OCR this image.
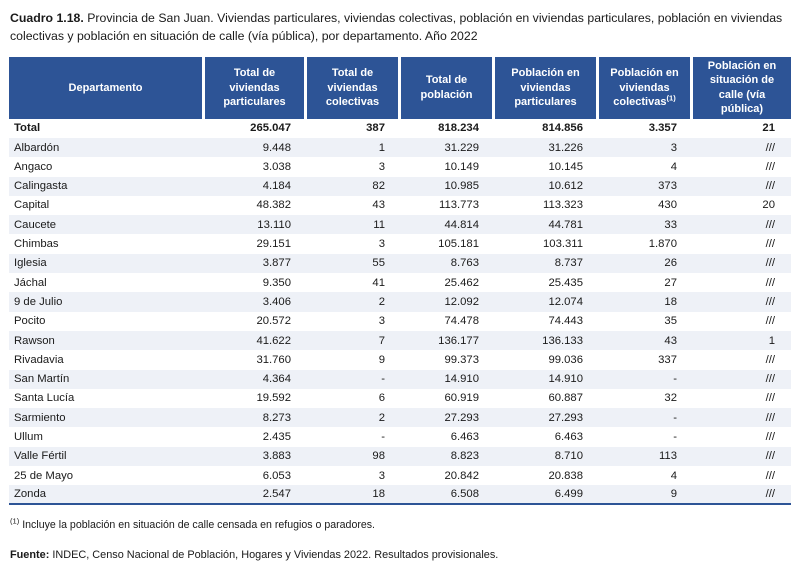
Cuadro 1.18. Provincia de San Juan. Viviendas particulares, viviendas colectivas, población en viviendas particulares, población en viviendas colectivas y población en situación de calle (vía pública), por departamento. Año 2022
Departamento

Total de
viviendas
particulares

Total de
viviendas
colectivas

Total de
población

Población en
viviendas
particulares

Población en
viviendas
colectivas$^{(1)}$

Población en
situación de
calle (vía
pública)

Total	265.047	387	818.234	814.856	3.357	21
Albardón	9.448	1	31.229	31.226	3	///
Angaco	3.038	3	10.149	10.145	4	///
Calingasta	4.184	82	10.985	10.612	373	///
Capital	48.382	43	113.773	113.323	430	20
Caucete	13.110	11	44.814	44.781	33	///
Chimbas	29.151	3	105.181	103.311	1.870	///
Iglesia	3.877	55	8.763	8.737	26	///
Jáchal	9.350	41	25.462	25.435	27	///
9 de Julio	3.406	2	12.092	12.074	18	///
Pocito	20.572	3	74.478	74.443	35	///
Rawson	41.622	7	136.177	136.133	43	1
Rivadavia	31.760	9	99.373	99.036	337	///
San Martín	4.364	-	14.910	14.910	-	///
Santa Lucía	19.592	6	60.919	60.887	32	///
Sarmiento	8.273	2	27.293	27.293	-	///
Ullum	2.435	-	6.463	6.463	-	///
Valle Fértil	3.883	98	8.823	8.710	113	///
25 de Mayo	6.053	3	20.842	20.838	4	///
Zonda	2.547	18	6.508	6.499	9	///
$^{(1)}$ Incluye la población en situación de calle censada en refugios o paradores.
Fuente: INDEC, Censo Nacional de Población, Hogares y Viviendas 2022. Resultados provisionales.
